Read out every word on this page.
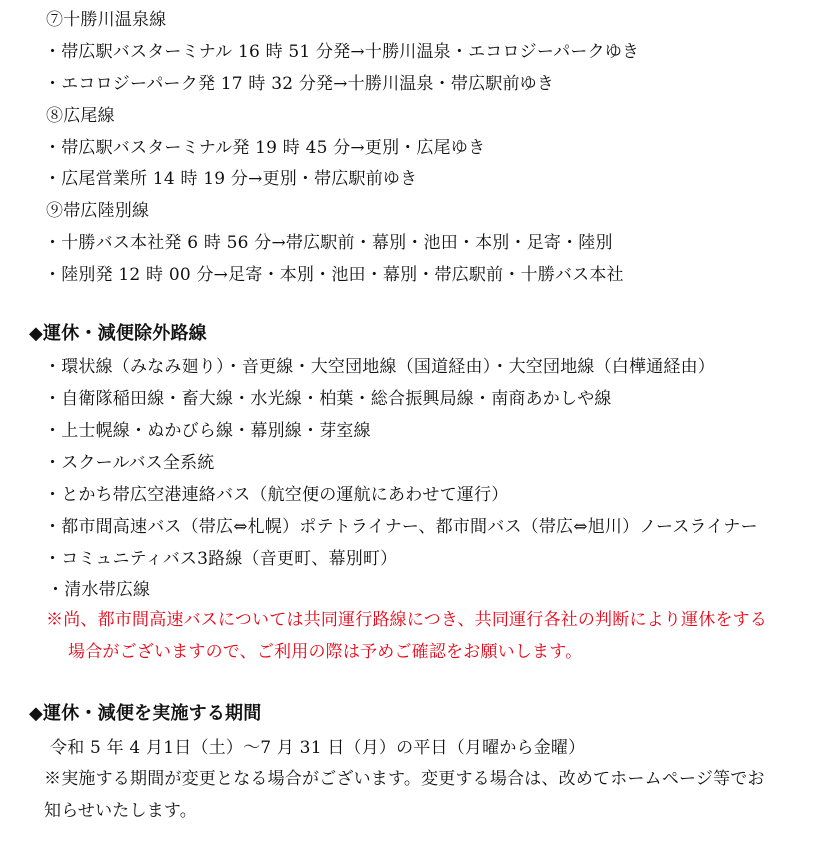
⑦十勝川温泉線
・帯広駅バスターミナル 16 時 51 分発→十勝川温泉・エコロジーパークゆき
・エコロジーパーク発 17 時 32 分発→十勝川温泉・帯広駅前ゆき
⑧広尾線
・帯広駅バスターミナル発 19 時 45 分→更別・広尾ゆき
・広尾営業所 14 時 19 分→更別・帯広駅前ゆき
⑨帯広陸別線
・十勝バス本社発 6 時 56 分→帯広駅前・幕別・池田・本別・足寄・陸別
・陸別発 12 時 00 分→足寄・本別・池田・幕別・帯広駅前・十勝バス本社
◆運休・減便除外路線
・環状線（みなみ廻り）・音更線・大空団地線（国道経由）・大空団地線（白樺通経由）
・自衛隊稲田線・畜大線・水光線・柏葉・総合振興局線・南商あかしや線
・上士幌線・ぬかびら線・幕別線・芽室線
・スクールバス全系統
・とかち帯広空港連絡バス（航空便の運航にあわせて運行）
・都市間高速バス（帯広⇔札幌）ポテトライナー、都市間バス（帯広⇔旭川）ノースライナー
・コミュニティバス3路線（音更町、幕別町）
・清水帯広線
※尚、都市間高速バスについては共同運行路線につき、共同運行各社の判断により運休をする
場合がございますので、ご利用の際は予めご確認をお願いします。
◆運休・減便を実施する期間
令和 5 年 4 月1日（土）～7 月 31 日（月）の平日（月曜から金曜）
※実施する期間が変更となる場合がございます。変更する場合は、改めてホームページ等でお
知らせいたします。
